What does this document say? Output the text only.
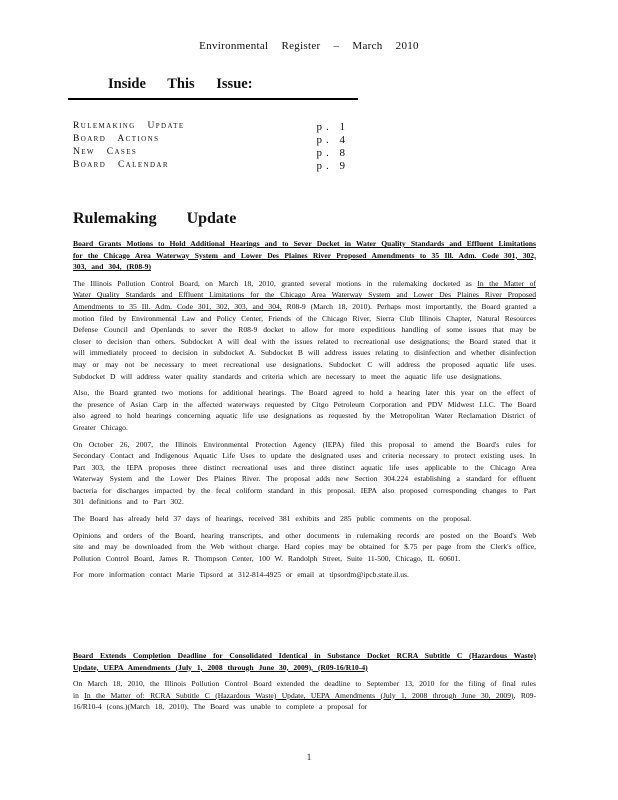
Environmental Register – March 2010
Inside This Issue:
Rulemaking Update	p. 1
Board Actions	p. 4
New Cases	p. 8
Board Calendar	p. 9
Rulemaking Update
Board Grants Motions to Hold Additional Hearings and to Sever Docket in Water Quality Standards and Effluent Limitations for the Chicago Area Waterway System and Lower Des Plaines River Proposed Amendments to 35 Ill. Adm. Code 301, 302, 303, and 304, (R08-9)

The Illinois Pollution Control Board, on March 18, 2010, granted several motions in the rulemaking docketed as In the Matter of Water Quality Standards and Effluent Limitations for the Chicago Area Waterway System and Lower Des Plaines River Proposed Amendments to 35 Ill. Adm. Code 301, 302, 303, and 304, R08-9 (March 18, 2010). Perhaps most importantly, the Board granted a motion filed by Environmental Law and Policy Center, Friends of the Chicago River, Sierra Club Illinois Chapter, Natural Resources Defense Council and Openlands to sever the R08-9 docket to allow for more expeditious handling of some issues that may be closer to decision than others. Subdocket A will deal with the issues related to recreational use designations; the Board stated that it will immediately proceed to decision in subdocket A. Subdocket B will address issues relating to disinfection and whether disinfection may or may not be necessary to meet recreational use designations. Subdocket C will address the proposed aquatic life uses. Subdocket D will address water quality standards and criteria which are necessary to meet the aquatic life use designations.

Also, the Board granted two motions for additional hearings. The Board agreed to hold a hearing later this year on the effect of the presence of Asian Carp in the affected waterways requested by Citgo Petroleum Corporation and PDV Midwest LLC. The Board also agreed to hold hearings concerning aquatic life use designations as requested by the Metropolitan Water Reclamation District of Greater Chicago.

On October 26, 2007, the Illinois Environmental Protection Agency (IEPA) filed this proposal to amend the Board's rules for Secondary Contact and Indigenous Aquatic Life Uses to update the designated uses and criteria necessary to protect existing uses. In Part 303, the IEPA proposes three distinct recreational uses and three distinct aquatic life uses applicable to the Chicago Area Waterway System and the Lower Des Plaines River. The proposal adds new Section 304.224 establishing a standard for effluent bacteria for discharges impacted by the fecal coliform standard in this proposal. IEPA also proposed corresponding changes to Part 301 definitions and to Part 302.

The Board has already held 37 days of hearings, received 381 exhibits and 285 public comments on the proposal.

Opinions and orders of the Board, hearing transcripts, and other documents in rulemaking records are posted on the Board's Web site and may be downloaded from the Web without charge. Hard copies may be obtained for $.75 per page from the Clerk's office, Pollution Control Board, James R. Thompson Center, 100 W. Randolph Street, Suite 11-500, Chicago, IL 60601.

For more information contact Marie Tipsord at 312-814-4925 or email at tipsordm@ipcb.state.il.us.

Board Extends Completion Deadline for Consolidated Identical in Substance Docket RCRA Subtitle C (Hazardous Waste) Update, UEPA Amendments (July 1, 2008 through June 30, 2009), (R09-16/R10-4)

On March 18, 2010, the Illinois Pollution Control Board extended the deadline to September 13, 2010 for the filing of final rules in In the Matter of: RCRA Subtitle C (Hazardous Waste) Update, UEPA Amendments (July 1, 2008 through June 30, 2009), R09-16/R10-4 (cons.)(March 18, 2010). The Board was unable to complete a proposal for

1
